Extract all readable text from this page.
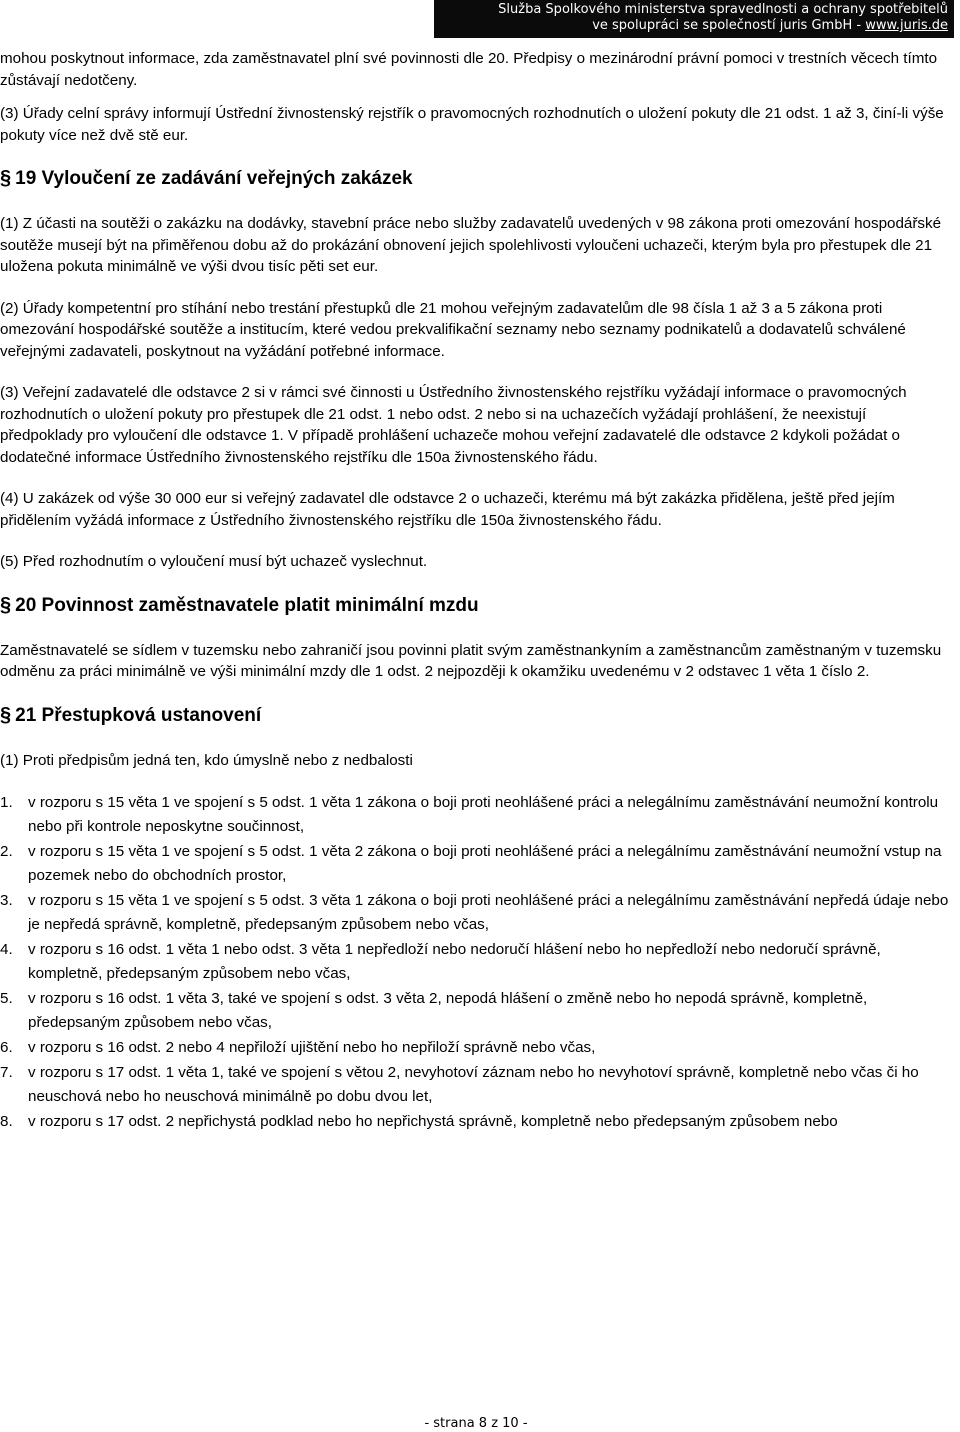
Služba Spolkového ministerstva spravedlnosti a ochrany spotřebitelů
ve spolupráci se společností juris GmbH - www.juris.de

mohou poskytnout informace, zda zaměstnavatel plní své povinnosti dle 20. Předpisy o mezinárodní právní pomoci v trestních věcech tímto zůstávají nedotčeny.

(3) Úřady celní správy informují Ústřední živnostenský rejstřík o pravomocných rozhodnutích o uložení pokuty dle 21 odst. 1 až 3, činí-li výše pokuty více než dvě stě eur.

§ 19 Vyloučení ze zadávání veřejných zakázek

(1) Z účasti na soutěži o zakázku na dodávky, stavební práce nebo služby zadavatelů uvedených v 98 zákona proti omezování hospodářské soutěže musejí být na přiměřenou dobu až do prokázání obnovení jejich spolehlivosti vyloučeni uchazeči, kterým byla pro přestupek dle 21 uložena pokuta minimálně ve výši dvou tisíc pěti set eur.

(2) Úřady kompetentní pro stíhání nebo trestání přestupků dle 21 mohou veřejným zadavatelům dle 98 čísla 1 až 3 a 5 zákona proti omezování hospodářské soutěže a institucím, které vedou prekvalifikační seznamy nebo seznamy podnikatelů a dodavatelů schválené veřejnými zadavateli, poskytnout na vyžádání potřebné informace.

(3) Veřejní zadavatelé dle odstavce 2 si v rámci své činnosti u Ústředního živnostenského rejstříku vyžádají informace o pravomocných rozhodnutích o uložení pokuty pro přestupek dle 21 odst. 1 nebo odst. 2 nebo si na uchazečích vyžádají prohlášení, že neexistují předpoklady pro vyloučení dle odstavce 1. V případě prohlášení uchazeče mohou veřejní zadavatelé dle odstavce 2 kdykoli požádat o dodatečné informace Ústředního živnostenského rejstříku dle 150a živnostenského řádu.

(4) U zakázek od výše 30 000 eur si veřejný zadavatel dle odstavce 2 o uchazeči, kterému má být zakázka přidělena, ještě před jejím přidělením vyžádá informace z Ústředního živnostenského rejstříku dle 150a živnostenského řádu.

(5) Před rozhodnutím o vyloučení musí být uchazeč vyslechnut.

§ 20 Povinnost zaměstnavatele platit minimální mzdu

Zaměstnavatelé se sídlem v tuzemsku nebo zahraničí jsou povinni platit svým zaměstnankyním a zaměstnancům zaměstnaným v tuzemsku odměnu za práci minimálně ve výši minimální mzdy dle 1 odst. 2 nejpozději k okamžiku uvedenému v 2 odstavec 1 věta 1 číslo 2.

§ 21 Přestupková ustanovení

(1) Proti předpisům jedná ten, kdo úmyslně nebo z nedbalosti

1. v rozporu s 15 věta 1 ve spojení s 5 odst. 1 věta 1 zákona o boji proti neohlášené práci a nelegálnímu zaměstnávání neumožní kontrolu nebo při kontrole neposkytne součinnost,
2. v rozporu s 15 věta 1 ve spojení s 5 odst. 1 věta 2 zákona o boji proti neohlášené práci a nelegálnímu zaměstnávání neumožní vstup na pozemek nebo do obchodních prostor,
3. v rozporu s 15 věta 1 ve spojení s 5 odst. 3 věta 1 zákona o boji proti neohlášené práci a nelegálnímu zaměstnávání nepředá údaje nebo je nepředá správně, kompletně, předepsaným způsobem nebo včas,
4. v rozporu s 16 odst. 1 věta 1 nebo odst. 3 věta 1 nepředloží nebo nedoručí hlášení nebo ho nepředloží nebo nedoručí správně, kompletně, předepsaným způsobem nebo včas,
5. v rozporu s 16 odst. 1 věta 3, také ve spojení s odst. 3 věta 2, nepodá hlášení o změně nebo ho nepodá správně, kompletně, předepsaným způsobem nebo včas,
6. v rozporu s 16 odst. 2 nebo 4 nepřiloží ujištění nebo ho nepřiloží správně nebo včas,
7. v rozporu s 17 odst. 1 věta 1, také ve spojení s větou 2, nevyhotoví záznam nebo ho nevyhotoví správně, kompletně nebo včas či ho neuschová nebo ho neuschová minimálně po dobu dvou let,
8. v rozporu s 17 odst. 2 nepřichystá podklad nebo ho nepřichystá správně, kompletně nebo předepsaným způsobem nebo
- strana 8 z 10 -
